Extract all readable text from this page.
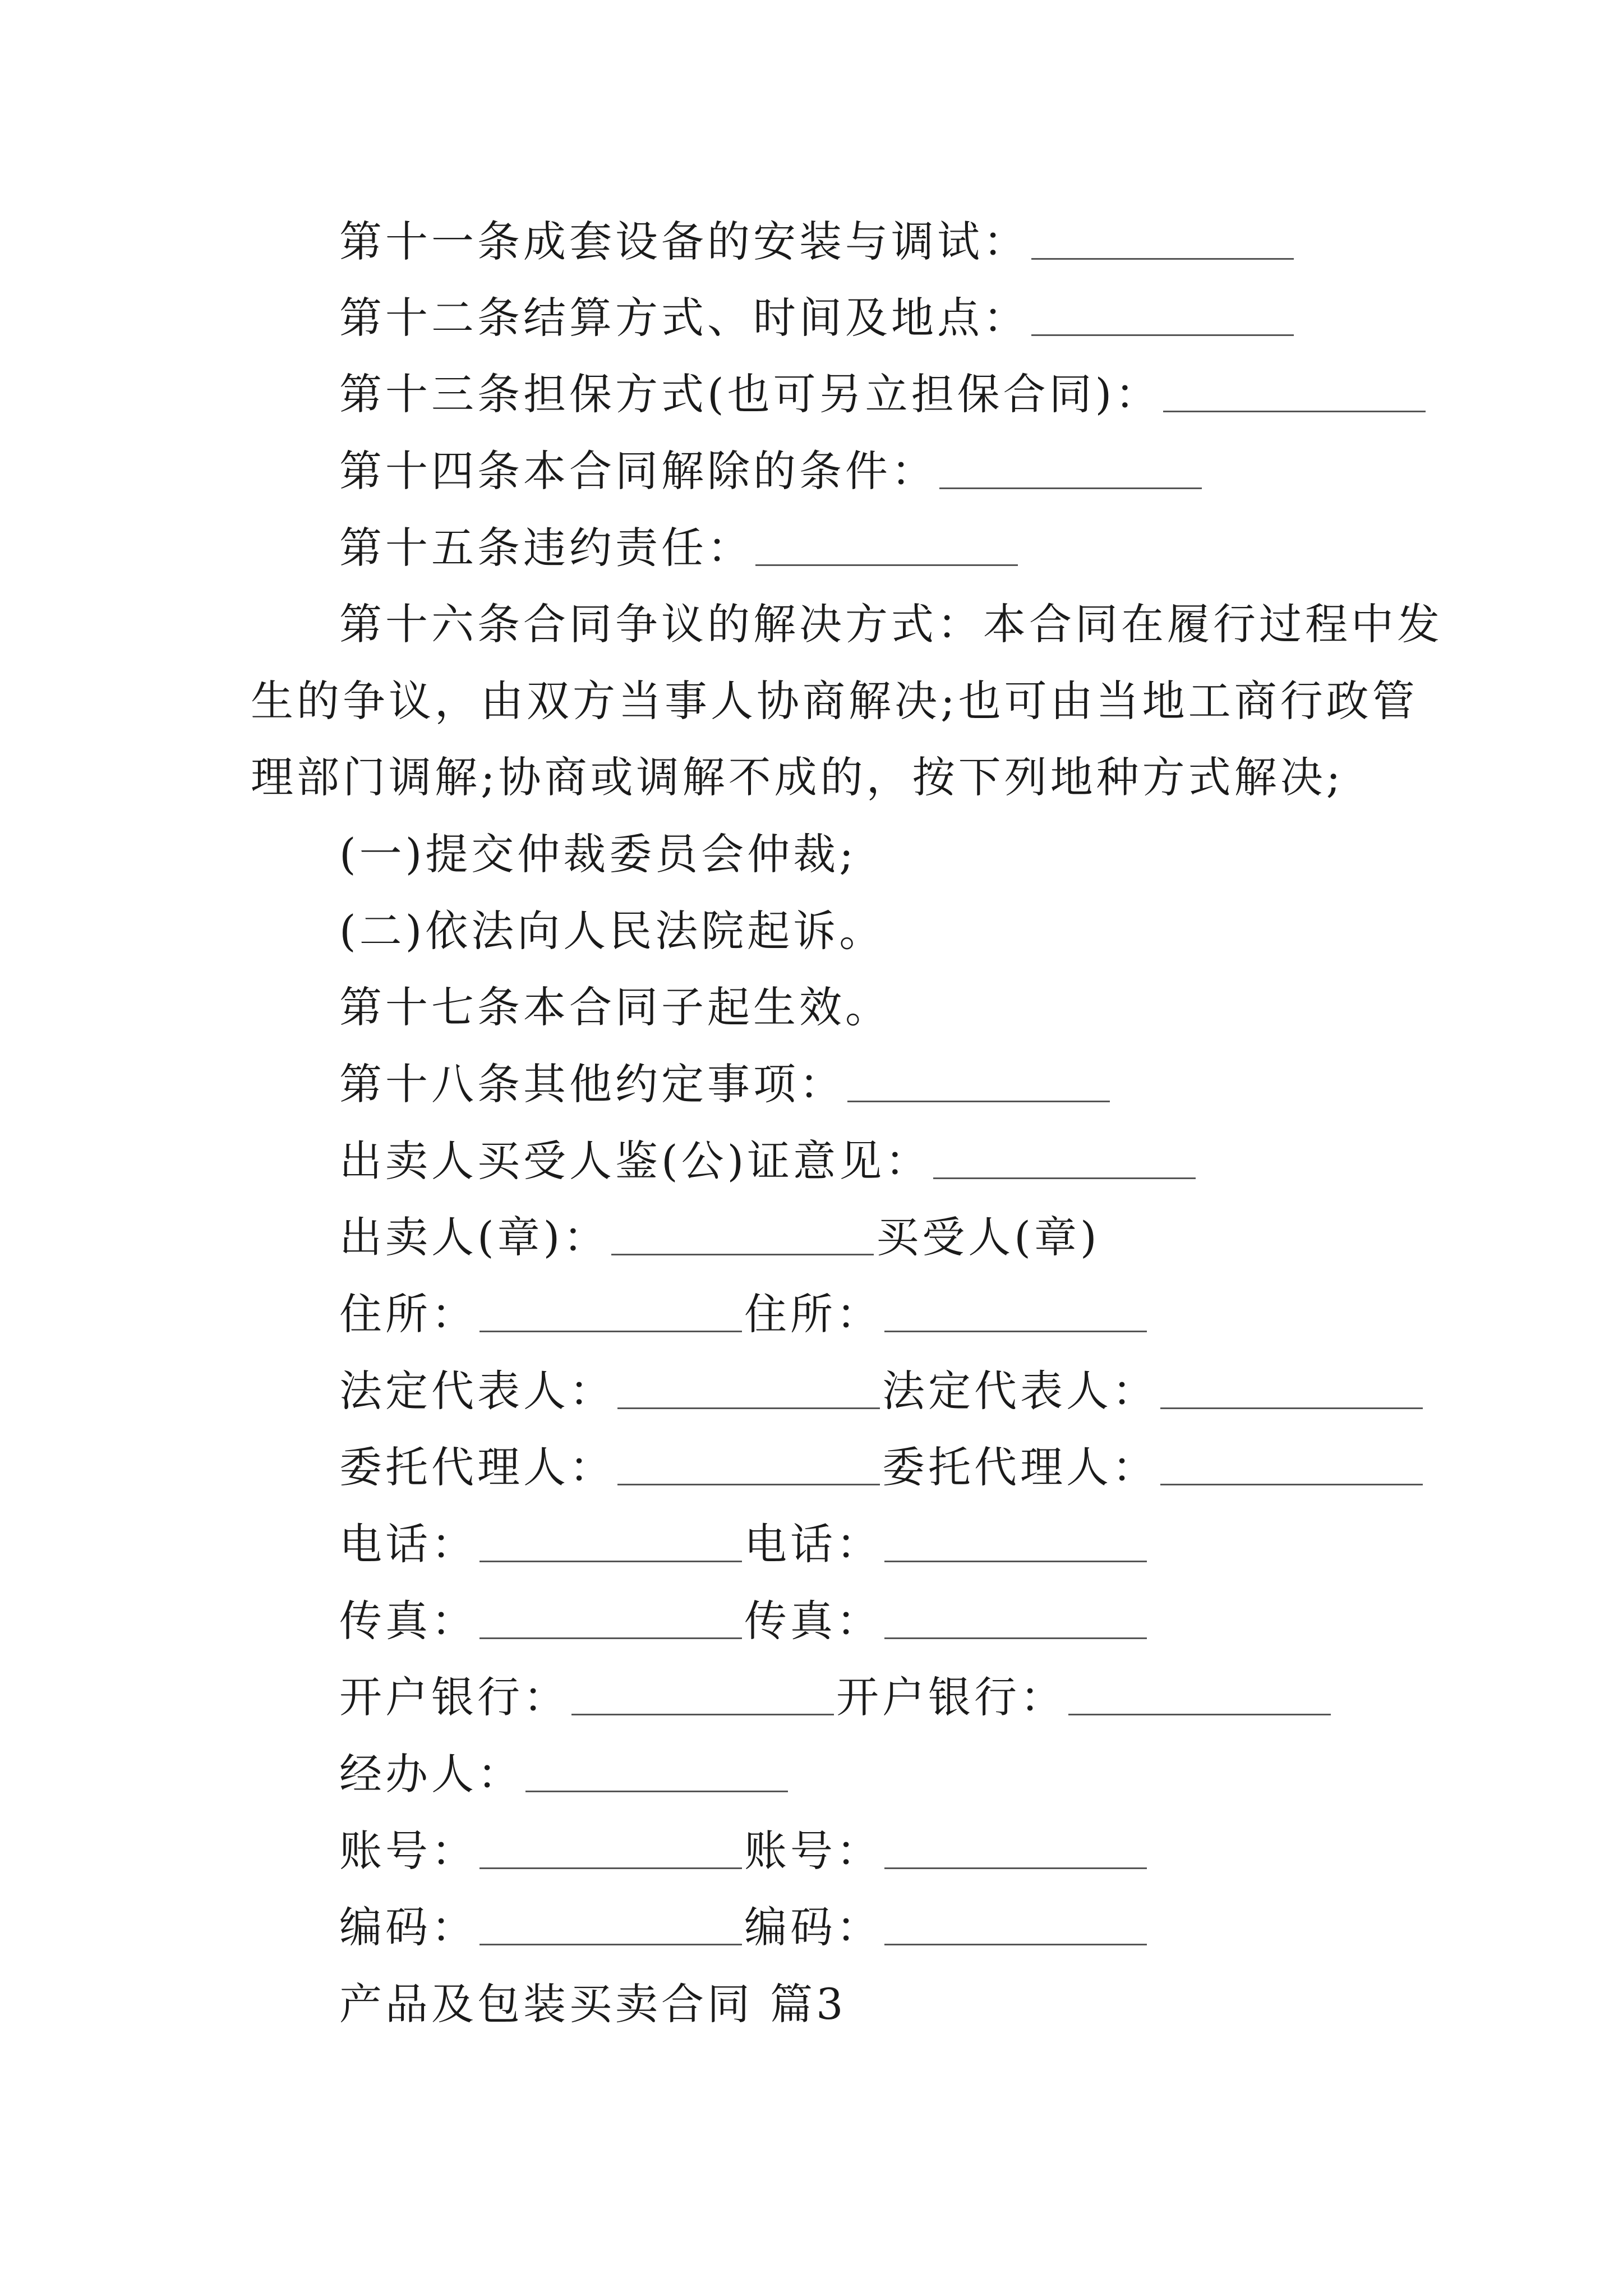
第十一条成套设备的安装与调试：
第十二条结算方式、时间及地点：
第十三条担保方式(也可另立担保合同)：
第十四条本合同解除的条件：
第十五条违约责任：
第十六条合同争议的解决方式：本合同在履行过程中发
生的争议，由双方当事人协商解决;也可由当地工商行政管
理部门调解;协商或调解不成的，按下列地种方式解决;
(一)提交仲裁委员会仲裁;
(二)依法向人民法院起诉。
第十七条本合同子起生效。
第十八条其他约定事项：
出卖人买受人鉴(公)证意见：
出卖人(章)：	买受人(章)
住所：	住所：
法定代表人：	法定代表人：
委托代理人：	委托代理人：
电话：	电话：
传真：	传真：
开户银行：	开户银行：
经办人：
账号：	账号：
编码：	编码：
产品及包装买卖合同 篇3
